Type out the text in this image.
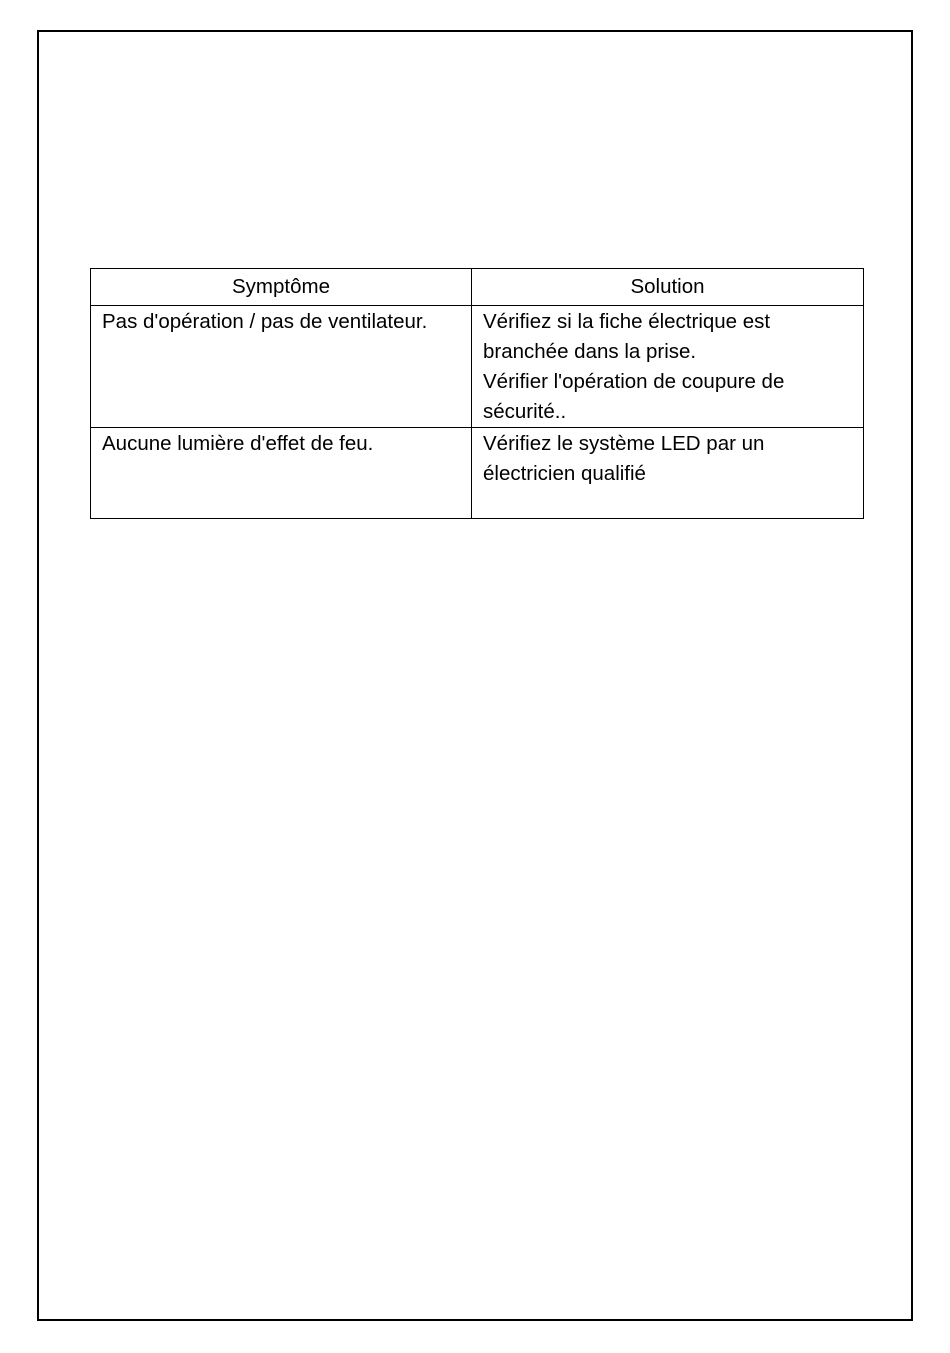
Symptôme	Solution
Pas d'opération / pas de ventilateur.	Vérifiez si la fiche électrique est
branchée dans la prise.
Vérifier l'opération de coupure de
sécurité..

Aucune lumière d'effet de feu.	Vérifiez le système LED par un
électricien qualifié
